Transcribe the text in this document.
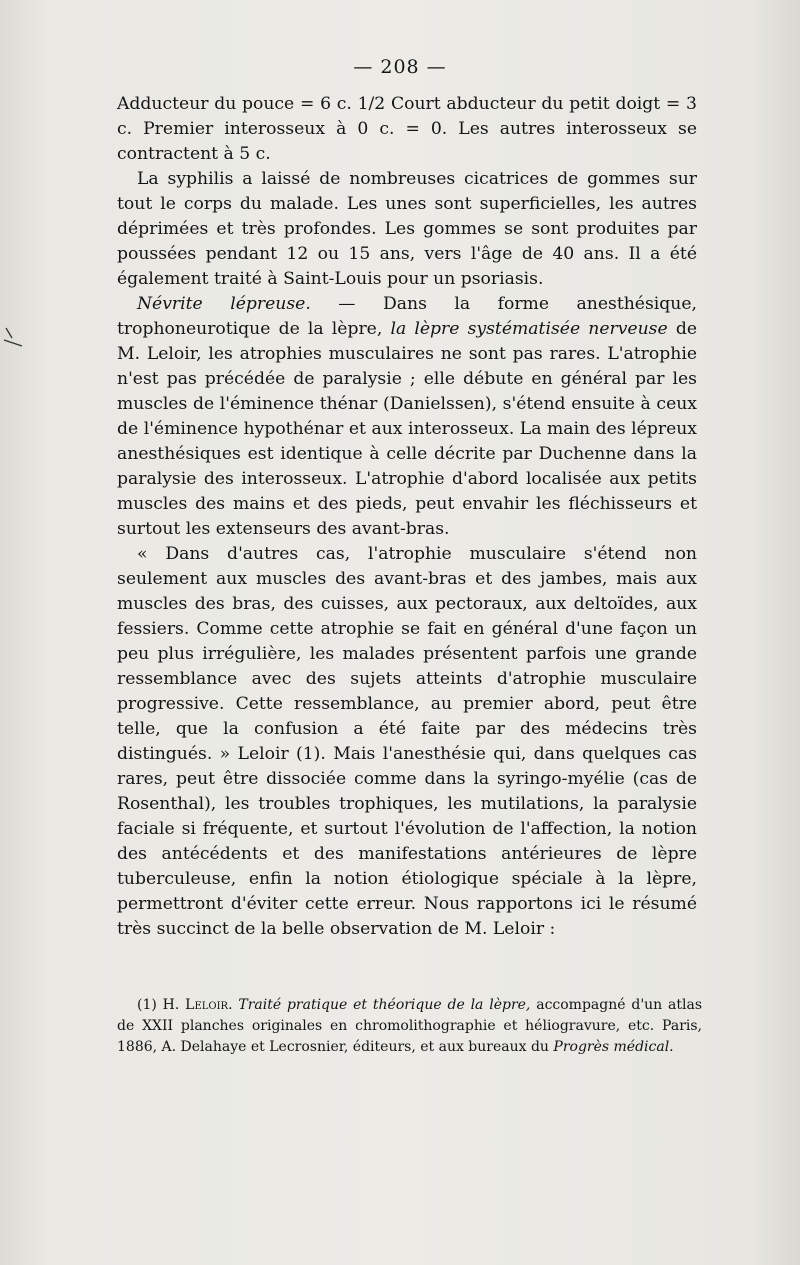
— 208 —

Adducteur du pouce = 6 c. 1/2 Court abducteur du petit doigt = 3 c. Premier interosseux à 0 c. = 0. Les autres interosseux se contractent à 5 c.

La syphilis a laissé de nombreuses cicatrices de gommes sur tout le corps du malade. Les unes sont superficielles, les autres déprimées et très profondes. Les gommes se sont produites par poussées pendant 12 ou 15 ans, vers l'âge de 40 ans. Il a été également traité à Saint-Louis pour un psoriasis.

Névrite lépreuse. — Dans la forme anesthésique, trophoneurotique de la lèpre, la lèpre systématisée nerveuse de M. Leloir, les atrophies musculaires ne sont pas rares. L'atrophie n'est pas précédée de paralysie ; elle débute en général par les muscles de l'éminence thénar (Danielssen), s'étend ensuite à ceux de l'éminence hypothénar et aux interosseux. La main des lépreux anesthésiques est identique à celle décrite par Duchenne dans la paralysie des interosseux. L'atrophie d'abord localisée aux petits muscles des mains et des pieds, peut envahir les fléchisseurs et surtout les extenseurs des avant-bras.

« Dans d'autres cas, l'atrophie musculaire s'étend non seulement aux muscles des avant-bras et des jambes, mais aux muscles des bras, des cuisses, aux pectoraux, aux deltoïdes, aux fessiers. Comme cette atrophie se fait en général d'une façon un peu plus irrégulière, les malades présentent parfois une grande ressemblance avec des sujets atteints d'atrophie musculaire progressive. Cette ressemblance, au premier abord, peut être telle, que la confusion a été faite par des médecins très distingués. » Leloir (1). Mais l'anesthésie qui, dans quelques cas rares, peut être dissociée comme dans la syringo-myélie (cas de Rosenthal), les troubles trophiques, les mutilations, la paralysie faciale si fréquente, et surtout l'évolution de l'affection, la notion des antécédents et des manifestations antérieures de lèpre tuberculeuse, enfin la notion étiologique spéciale à la lèpre, permettront d'éviter cette erreur. Nous rapportons ici le résumé très succinct de la belle observation de M. Leloir :

(1) H. Leloir. Traité pratique et théorique de la lèpre, accompagné d'un atlas de XXII planches originales en chromolithographie et héliogravure, etc. Paris, 1886, A. Delahaye et Lecrosnier, éditeurs, et aux bureaux du Progrès médical.
